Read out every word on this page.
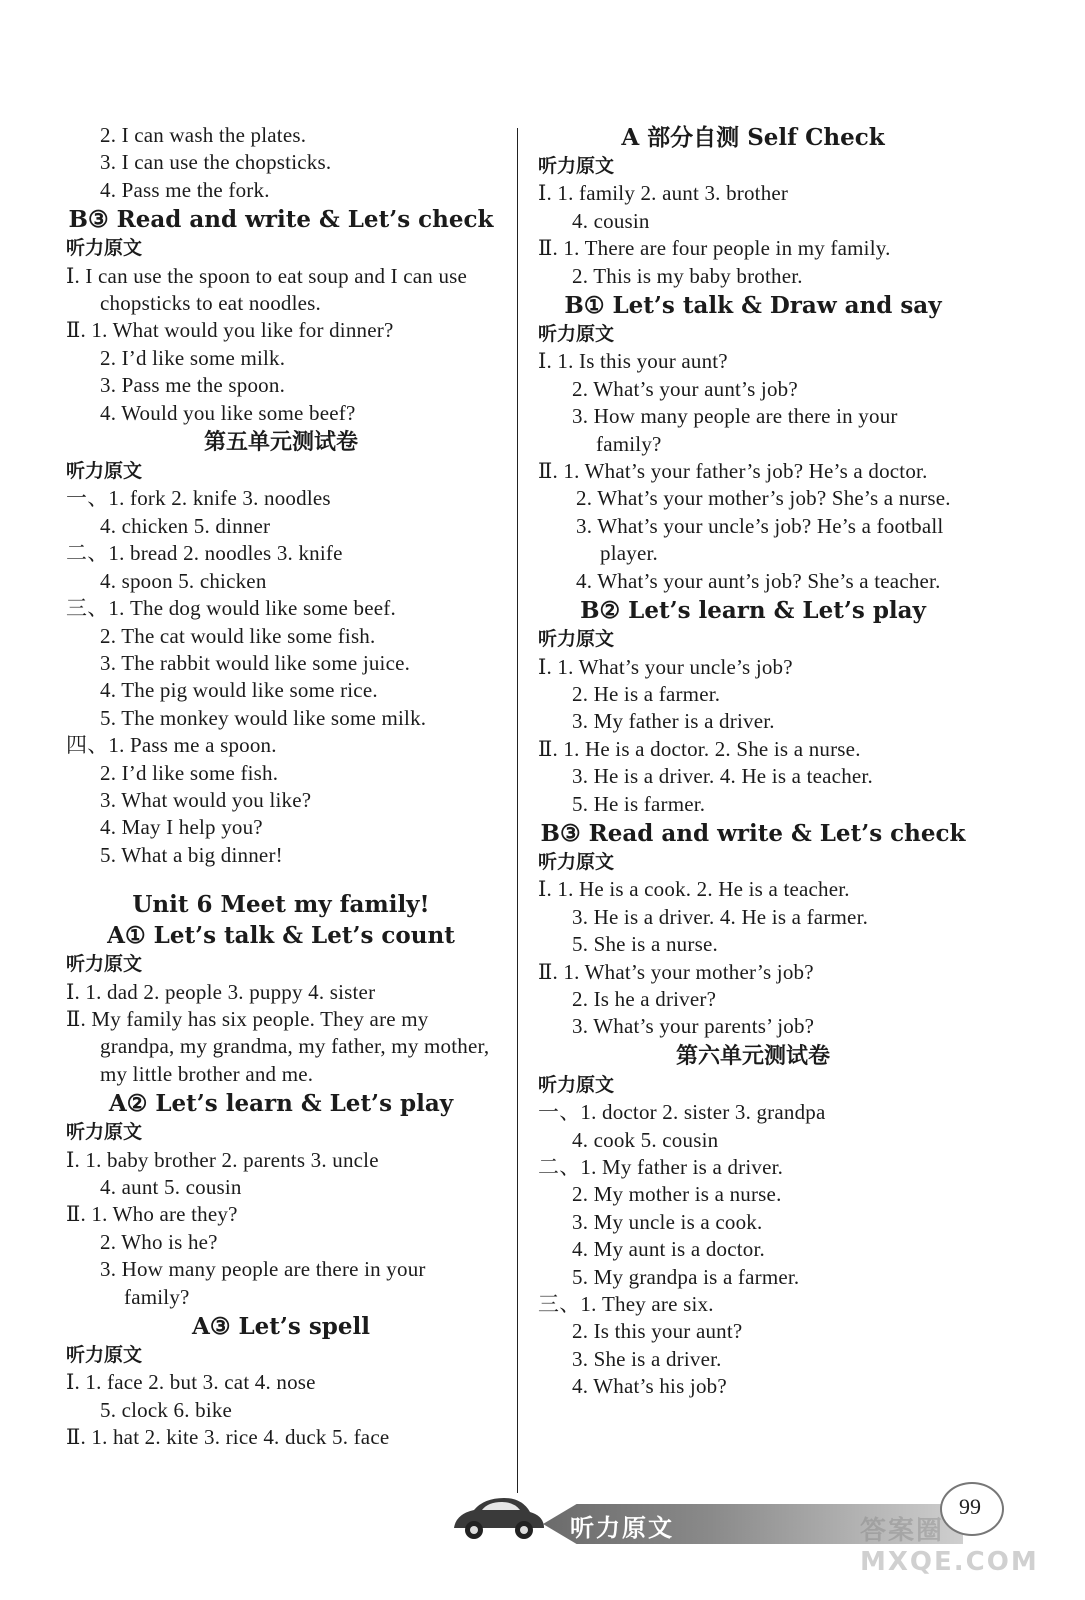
2. I can wash the plates.
3. I can use the chopsticks.
4. Pass me the fork.
B③ Read and write & Let’s check
听力原文
Ⅰ. I can use the spoon to eat soup and I can use chopsticks to eat noodles.
Ⅱ. 1. What would you like for dinner?
2. I’d like some milk.
3. Pass me the spoon.
4. Would you like some beef?
第五单元测试卷
听力原文
一、1. fork 2. knife 3. noodles
4. chicken 5. dinner
二、1. bread 2. noodles 3. knife
4. spoon 5. chicken
三、1. The dog would like some beef.
2. The cat would like some fish.
3. The rabbit would like some juice.
4. The pig would like some rice.
5. The monkey would like some milk.
四、1. Pass me a spoon.
2. I’d like some fish.
3. What would you like?
4. May I help you?
5. What a big dinner!
Unit 6 Meet my family!
A① Let’s talk & Let’s count
听力原文
Ⅰ. 1. dad 2. people 3. puppy 4. sister
Ⅱ. My family has six people. They are my grandpa, my grandma, my father, my mother, my little brother and me.
A② Let’s learn & Let’s play
听力原文
Ⅰ. 1. baby brother 2. parents 3. uncle
4. aunt 5. cousin
Ⅱ. 1. Who are they?
2. Who is he?
3. How many people are there in your family?
A③ Let’s spell
听力原文
Ⅰ. 1. face 2. but 3. cat 4. nose
5. clock 6. bike
Ⅱ. 1. hat 2. kite 3. rice 4. duck 5. face
A 部分自测 Self Check
听力原文
Ⅰ. 1. family 2. aunt 3. brother
4. cousin
Ⅱ. 1. There are four people in my family.
2. This is my baby brother.
B① Let’s talk & Draw and say
听力原文
Ⅰ. 1. Is this your aunt?
2. What’s your aunt’s job?
3. How many people are there in your family?
Ⅱ. 1. What’s your father’s job? He’s a doctor.
2. What’s your mother’s job? She’s a nurse.
3. What’s your uncle’s job? He’s a football player.
4. What’s your aunt’s job? She’s a teacher.
B② Let’s learn & Let’s play
听力原文
Ⅰ. 1. What’s your uncle’s job?
2. He is a farmer.
3. My father is a driver.
Ⅱ. 1. He is a doctor. 2. She is a nurse.
3. He is a driver. 4. He is a teacher.
5. He is farmer.
B③ Read and write & Let’s check
听力原文
Ⅰ. 1. He is a cook. 2. He is a teacher.
3. He is a driver. 4. He is a farmer.
5. She is a nurse.
Ⅱ. 1. What’s your mother’s job?
2. Is he a driver?
3. What’s your parents’ job?
第六单元测试卷
听力原文
一、1. doctor 2. sister 3. grandpa
4. cook 5. cousin
二、1. My father is a driver.
2. My mother is a nurse.
3. My uncle is a cook.
4. My aunt is a doctor.
5. My grandpa is a farmer.
三、1. They are six.
2. Is this your aunt?
3. She is a driver.
4. What’s his job?
听力原文
99
答案圈 MXQE.COM
